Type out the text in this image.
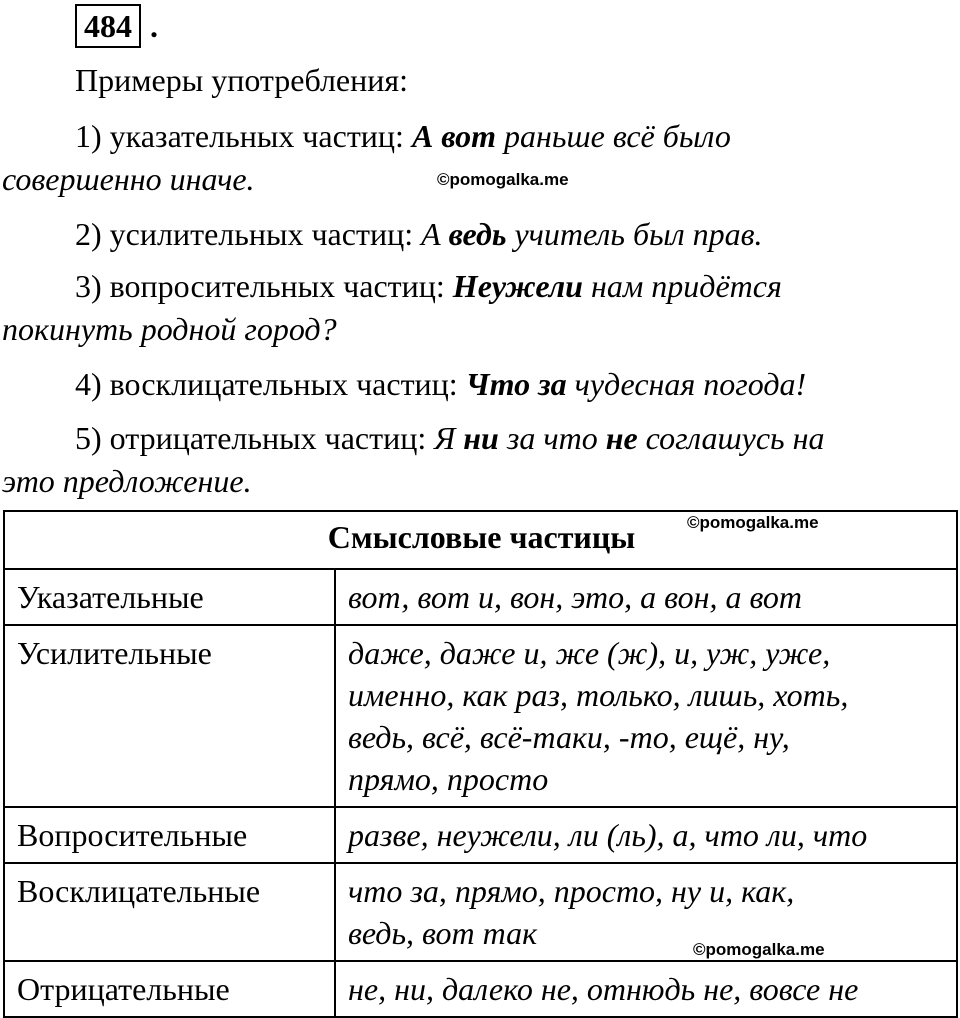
484 .
Примеры употребления:
1) указательных частиц: А вот раньше всё было
совершенно иначе.	©pomogalka.me
2) усилительных частиц: А ведь учитель был прав.
3) вопросительных частиц: Неужели нам придётся
покинуть родной город?
4) восклицательных частиц: Что за чудесная погода!
5) отрицательных частиц: Я ни за что не соглашусь на
это предложение.
Смысловые частицы	
Указательные	вот, вот и, вон, это, а вон, а вот

Усилительные	даже, даже и, же (ж), и, уж, уже,
именно, как раз, только, лишь, хоть,
ведь, всё, всё-таки, -то, ещё, ну,
прямо, просто

Вопросительные	разве, неужели, ли (ль), а, что ли, что

Восклицательные	что за, прямо, просто, ну и, как,
ведь, вот так

Отрицательные	не, ни, далеко не, отнюдь не, вовсе не
©pomogalka.me
©pomogalka.me
